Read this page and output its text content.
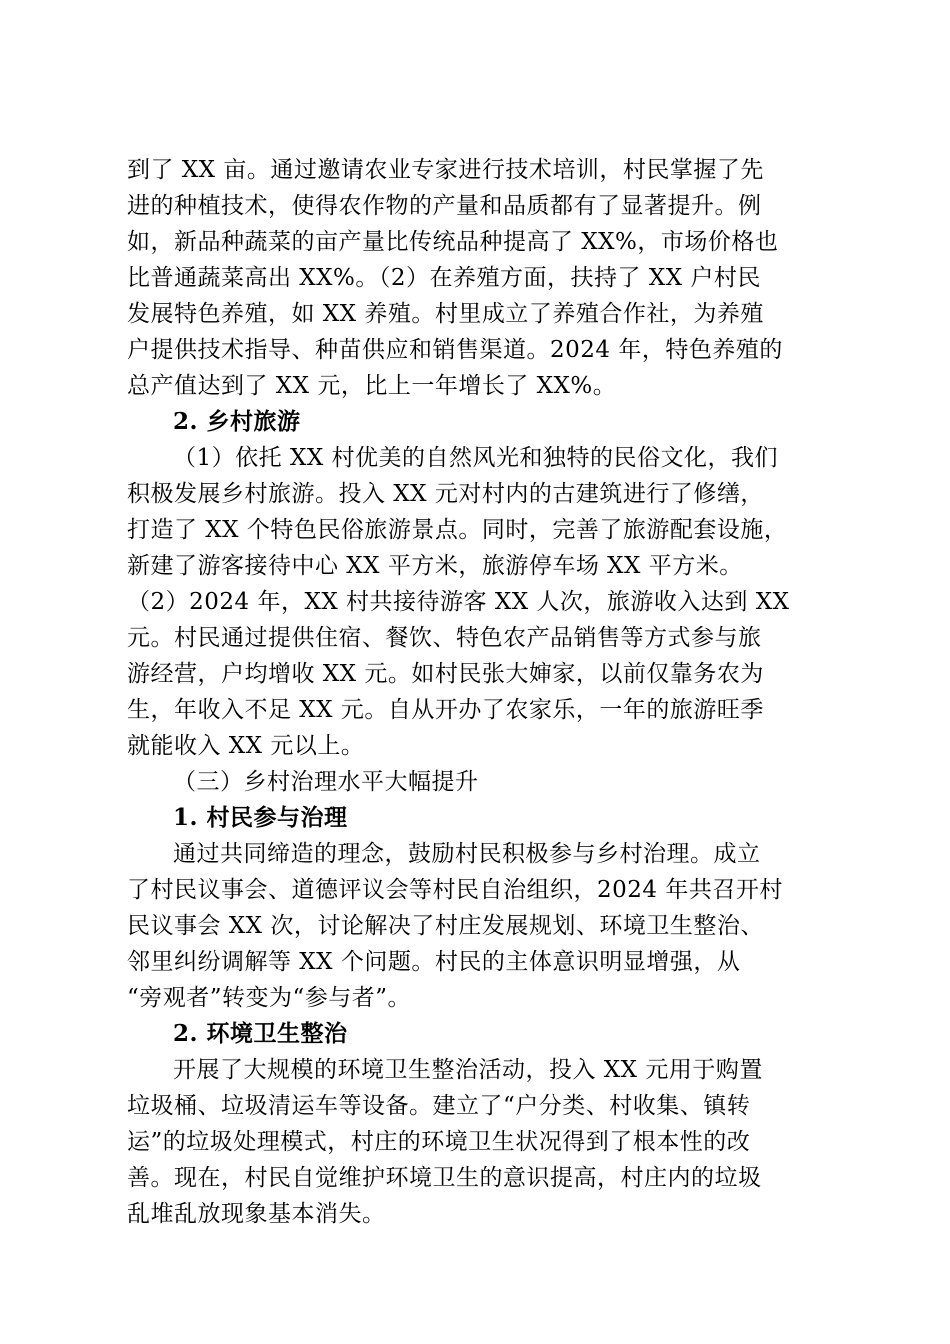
到了 XX 亩。通过邀请农业专家进行技术培训，村民掌握了先
进的种植技术，使得农作物的产量和品质都有了显著提升。例
如，新品种蔬菜的亩产量比传统品种提高了 XX%，市场价格也
比普通蔬菜高出 XX%。（2）在养殖方面，扶持了 XX 户村民
发展特色养殖，如 XX 养殖。村里成立了养殖合作社，为养殖
户提供技术指导、种苗供应和销售渠道。2024 年，特色养殖的
总产值达到了 XX 元，比上一年增长了 XX%。
2. 乡村旅游
（1）依托 XX 村优美的自然风光和独特的民俗文化，我们
积极发展乡村旅游。投入 XX 元对村内的古建筑进行了修缮，
打造了 XX 个特色民俗旅游景点。同时，完善了旅游配套设施，
新建了游客接待中心 XX 平方米，旅游停车场 XX 平方米。
（2）2024 年，XX 村共接待游客 XX 人次，旅游收入达到 XX
元。村民通过提供住宿、餐饮、特色农产品销售等方式参与旅
游经营，户均增收 XX 元。如村民张大婶家，以前仅靠务农为
生，年收入不足 XX 元。自从开办了农家乐，一年的旅游旺季
就能收入 XX 元以上。
（三）乡村治理水平大幅提升
1. 村民参与治理
通过共同缔造的理念，鼓励村民积极参与乡村治理。成立
了村民议事会、道德评议会等村民自治组织，2024 年共召开村
民议事会 XX 次，讨论解决了村庄发展规划、环境卫生整治、
邻里纠纷调解等 XX 个问题。村民的主体意识明显增强，从
“旁观者”转变为“参与者”。
2. 环境卫生整治
开展了大规模的环境卫生整治活动，投入 XX 元用于购置
垃圾桶、垃圾清运车等设备。建立了“户分类、村收集、镇转
运”的垃圾处理模式，村庄的环境卫生状况得到了根本性的改
善。现在，村民自觉维护环境卫生的意识提高，村庄内的垃圾
乱堆乱放现象基本消失。
